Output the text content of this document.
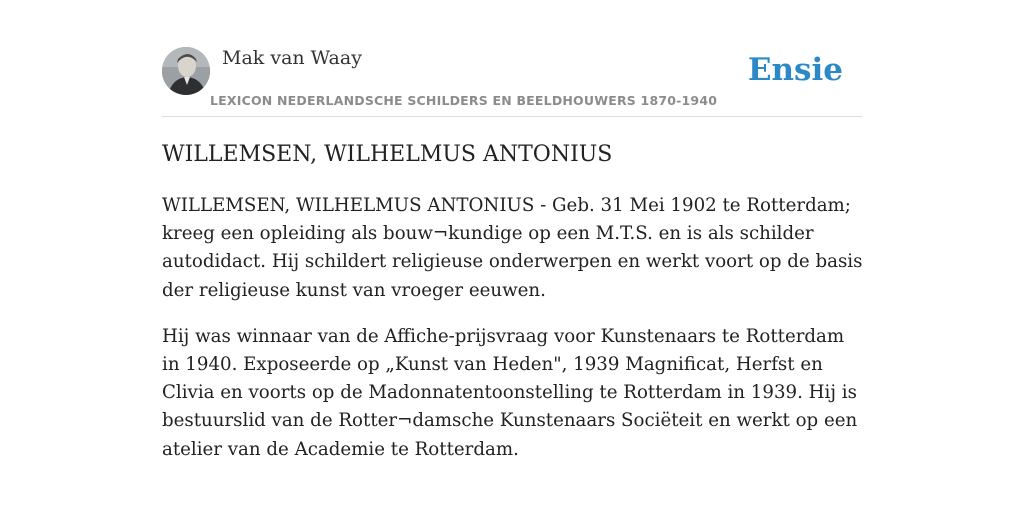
Mak van Waay
LEXICON NEDERLANDSCHE SCHILDERS EN BEELDHOUWERS 1870-1940
Ensie
WILLEMSEN, WILHELMUS ANTONIUS

WILLEMSEN, WILHELMUS ANTONIUS - Geb. 31 Mei 1902 te Rotterdam; kreeg een opleiding als bouw¬kundige op een M.T.S. en is als schilder autodidact. Hij schildert religieuse onderwerpen en werkt voort op de basis der religieuse kunst van vroeger eeuwen.

Hij was winnaar van de Affiche-prijsvraag voor Kunstenaars te Rotterdam in 1940. Exposeerde op „Kunst van Heden", 1939 Magnificat, Herfst en Clivia en voorts op de Madonnatentoonstelling te Rotterdam in 1939. Hij is bestuurslid van de Rotter¬damsche Kunstenaars Sociëteit en werkt op een atelier van de Academie te Rotterdam.
